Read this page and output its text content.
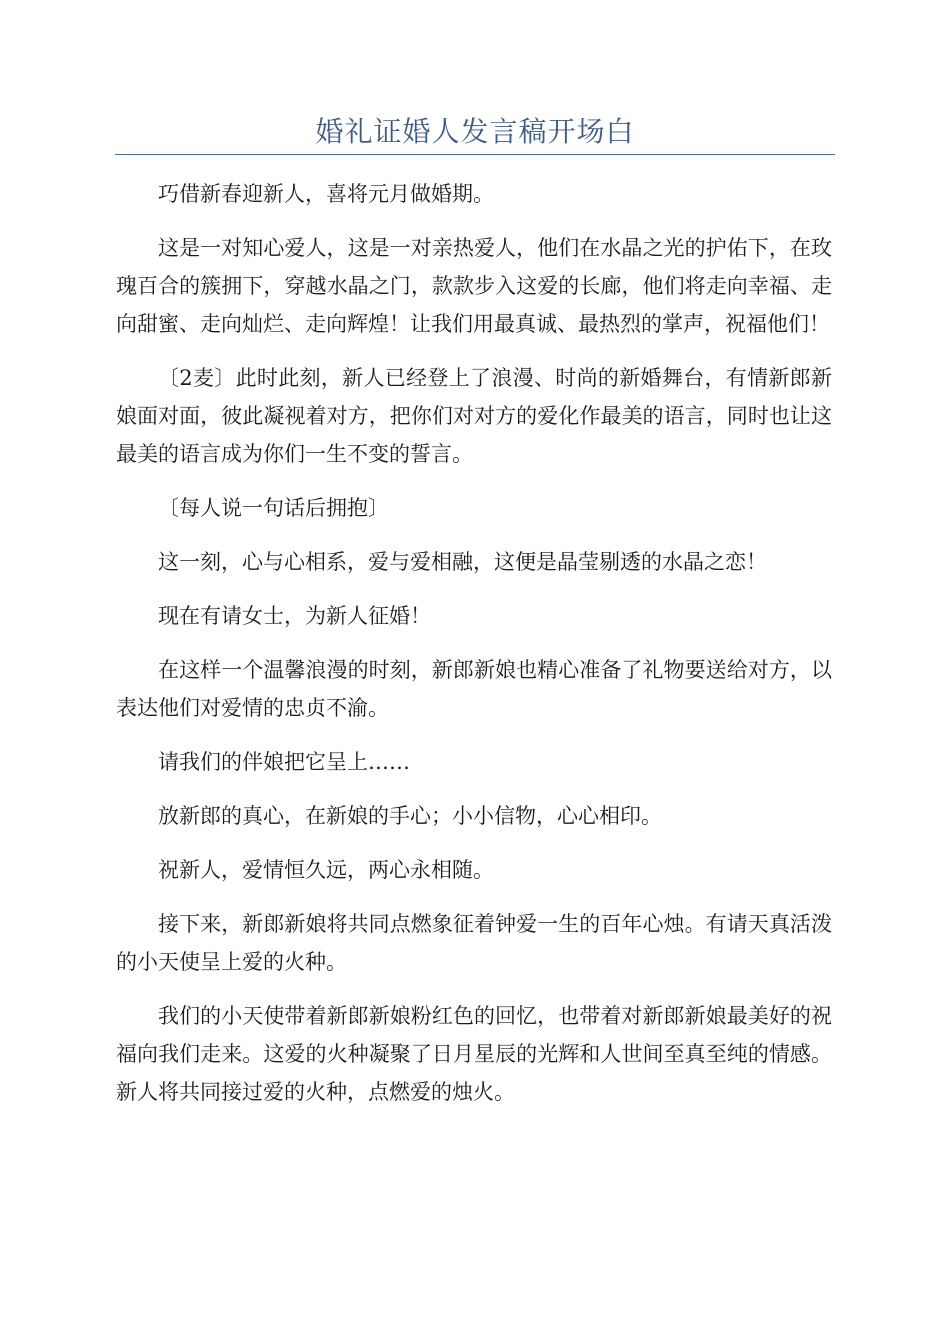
婚礼证婚人发言稿开场白

巧借新春迎新人，喜将元月做婚期。

这是一对知心爱人，这是一对亲热爱人，他们在水晶之光的护佑下，在玫瑰百合的簇拥下，穿越水晶之门，款款步入这爱的长廊，他们将走向幸福、走向甜蜜、走向灿烂、走向辉煌！让我们用最真诚、最热烈的掌声，祝福他们！

〔2麦〕此时此刻，新人已经登上了浪漫、时尚的新婚舞台，有情新郎新娘面对面，彼此凝视着对方，把你们对对方的爱化作最美的语言，同时也让这最美的语言成为你们一生不变的誓言。

〔每人说一句话后拥抱〕

这一刻，心与心相系，爱与爱相融，这便是晶莹剔透的水晶之恋！

现在有请女士，为新人征婚！

在这样一个温馨浪漫的时刻，新郎新娘也精心准备了礼物要送给对方，以表达他们对爱情的忠贞不渝。

请我们的伴娘把它呈上……

放新郎的真心，在新娘的手心；小小信物，心心相印。

祝新人，爱情恒久远，两心永相随。

接下来，新郎新娘将共同点燃象征着钟爱一生的百年心烛。有请天真活泼的小天使呈上爱的火种。

我们的小天使带着新郎新娘粉红色的回忆，也带着对新郎新娘最美好的祝福向我们走来。这爱的火种凝聚了日月星辰的光辉和人世间至真至纯的情感。新人将共同接过爱的火种，点燃爱的烛火。
